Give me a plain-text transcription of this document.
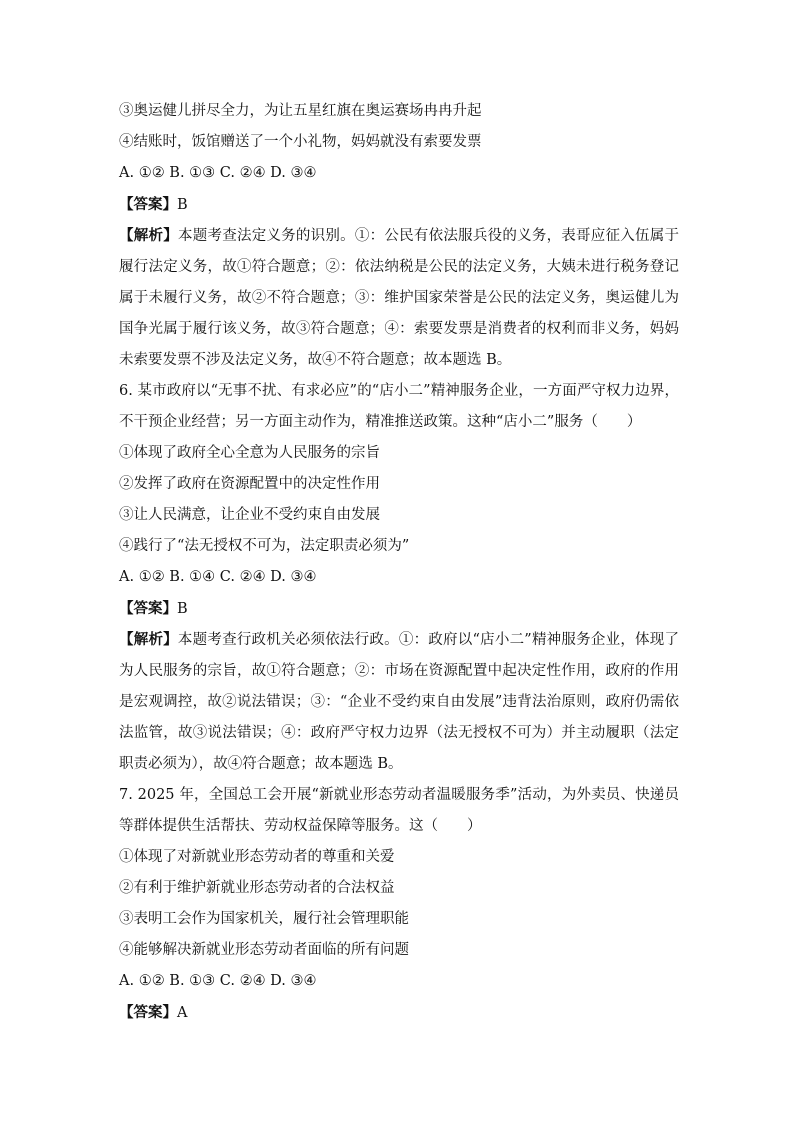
③奥运健儿拼尽全力，为让五星红旗在奥运赛场冉冉升起

④结账时，饭馆赠送了一个小礼物，妈妈就没有索要发票

A. ①② B. ①③ C. ②④ D. ③④

【答案】B

【解析】本题考查法定义务的识别。①：公民有依法服兵役的义务，表哥应征入伍属于履行法定义务，故①符合题意；②：依法纳税是公民的法定义务，大姨未进行税务登记属于未履行义务，故②不符合题意；③：维护国家荣誉是公民的法定义务，奥运健儿为国争光属于履行该义务，故③符合题意；④：索要发票是消费者的权利而非义务，妈妈未索要发票不涉及法定义务，故④不符合题意；故本题选 B。

6. 某市政府以“无事不扰、有求必应”的“店小二”精神服务企业，一方面严守权力边界，不干预企业经营；另一方面主动作为，精准推送政策。这种“店小二”服务（　　）

①体现了政府全心全意为人民服务的宗旨

②发挥了政府在资源配置中的决定性作用

③让人民满意，让企业不受约束自由发展

④践行了“法无授权不可为，法定职责必须为”

A. ①② B. ①④ C. ②④ D. ③④

【答案】B

【解析】本题考查行政机关必须依法行政。①：政府以“店小二”精神服务企业，体现了为人民服务的宗旨，故①符合题意；②：市场在资源配置中起决定性作用，政府的作用是宏观调控，故②说法错误；③：“企业不受约束自由发展”违背法治原则，政府仍需依法监管，故③说法错误；④：政府严守权力边界（法无授权不可为）并主动履职（法定职责必须为），故④符合题意；故本题选 B。

7. 2025 年，全国总工会开展“新就业形态劳动者温暖服务季”活动，为外卖员、快递员等群体提供生活帮扶、劳动权益保障等服务。这（　　）

①体现了对新就业形态劳动者的尊重和关爱

②有利于维护新就业形态劳动者的合法权益

③表明工会作为国家机关，履行社会管理职能

④能够解决新就业形态劳动者面临的所有问题

A. ①② B. ①③ C. ②④ D. ③④

【答案】A
